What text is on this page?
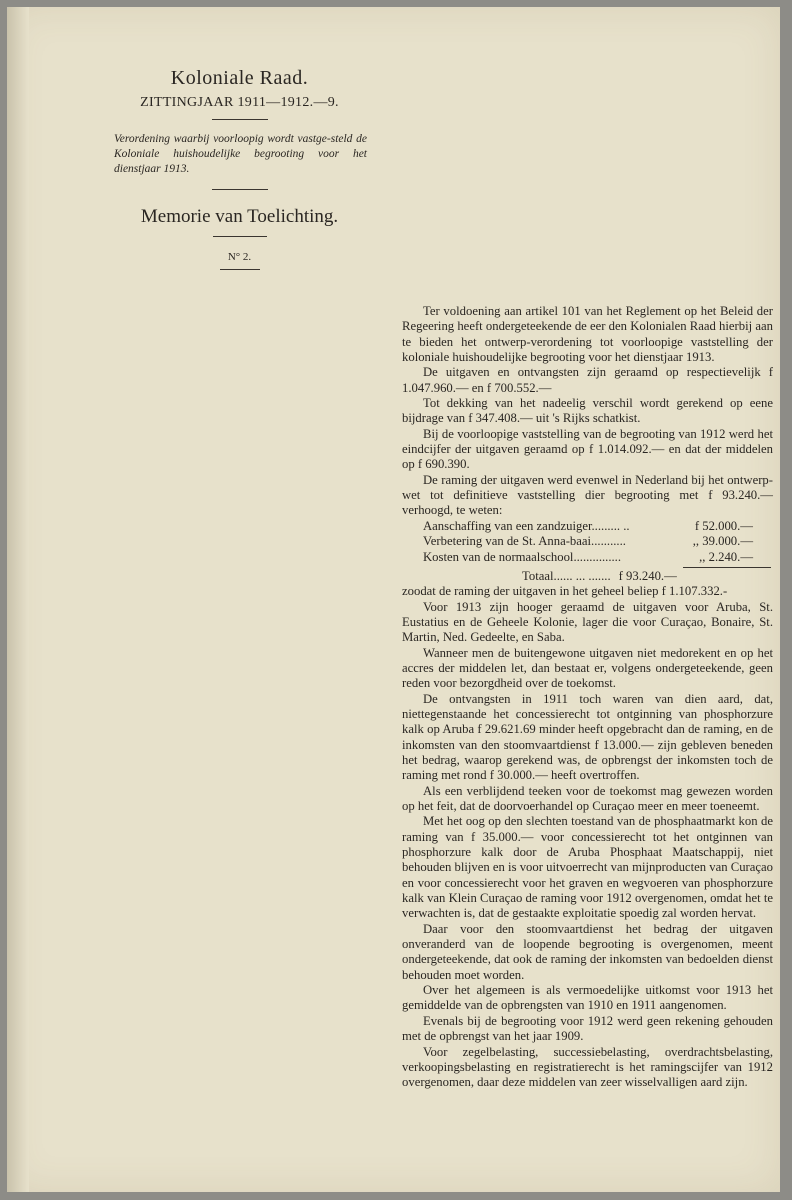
Koloniale Raad.
ZITTINGJAAR 1911—1912.—9.
Verordening waarbij voorloopig wordt vastge-steld de Koloniale huishoudelijke begrooting voor het dienstjaar 1913.
Memorie van Toelichting.
N° 2.

Ter voldoening aan artikel 101 van het Reglement op het Beleid der Regeering heeft ondergeteekende de eer den Kolonialen Raad hierbij aan te bieden het ontwerp-verordening tot voorloopige vaststelling der koloniale huishoudelijke begrooting voor het dienstjaar 1913.

De uitgaven en ontvangsten zijn geraamd op respectievelijk f 1.047.960.— en f 700.552.—

Tot dekking van het nadeelig verschil wordt gerekend op eene bijdrage van f 347.408.— uit 's Rijks schatkist.

Bij de voorloopige vaststelling van de begrooting van 1912 werd het eindcijfer der uitgaven geraamd op f 1.014.092.— en dat der middelen op f 690.390.

De raming der uitgaven werd evenwel in Nederland bij het ontwerp-wet tot definitieve vaststelling dier begrooting met f 93.240.— verhoogd, te weten:

Aanschaffing van een zandzuiger......... ..	f 52.000.—
Verbetering van de St. Anna-baai...........	,, 39.000.—
Kosten van de normaalschool...............	,, 2.240.—
Totaal...... ... ....... f 93.240.—

zoodat de raming der uitgaven in het geheel beliep f 1.107.332.-

Voor 1913 zijn hooger geraamd de uitgaven voor Aruba, St. Eustatius en de Geheele Kolonie, lager die voor Curaçao, Bonaire, St. Martin, Ned. Gedeelte, en Saba.

Wanneer men de buitengewone uitgaven niet medorekent en op het accres der middelen let, dan bestaat er, volgens ondergeteekende, geen reden voor bezorgdheid over de toekomst.

De ontvangsten in 1911 toch waren van dien aard, dat, niettegenstaande het concessierecht tot ontginning van phosphorzure kalk op Aruba f 29.621.69 minder heeft opgebracht dan de raming, en de inkomsten van den stoomvaartdienst f 13.000.— zijn gebleven beneden het bedrag, waarop gerekend was, de opbrengst der inkomsten toch de raming met rond f 30.000.— heeft overtroffen.

Als een verblijdend teeken voor de toekomst mag gewezen worden op het feit, dat de doorvoerhandel op Curaçao meer en meer toeneemt.

Met het oog op den slechten toestand van de phosphaatmarkt kon de raming van f 35.000.— voor concessierecht tot het ontginnen van phosphorzure kalk door de Aruba Phosphaat Maatschappij, niet behouden blijven en is voor uitvoerrecht van mijnproducten van Curaçao en voor concessierecht voor het graven en wegvoeren van phosphorzure kalk van Klein Curaçao de raming voor 1912 overgenomen, omdat het te verwachten is, dat de gestaakte exploitatie spoedig zal worden hervat.

Daar voor den stoomvaartdienst het bedrag der uitgaven onveranderd van de loopende begrooting is overgenomen, meent ondergeteekende, dat ook de raming der inkomsten van bedoelden dienst behouden moet worden.

Over het algemeen is als vermoedelijke uitkomst voor 1913 het gemiddelde van de opbrengsten van 1910 en 1911 aangenomen.

Evenals bij de begrooting voor 1912 werd geen rekening gehouden met de opbrengst van het jaar 1909.

Voor zegelbelasting, successiebelasting, overdrachtsbelasting, verkoopingsbelasting en registratierecht is het ramingscijfer van 1912 overgenomen, daar deze middelen van zeer wisselvalligen aard zijn.
